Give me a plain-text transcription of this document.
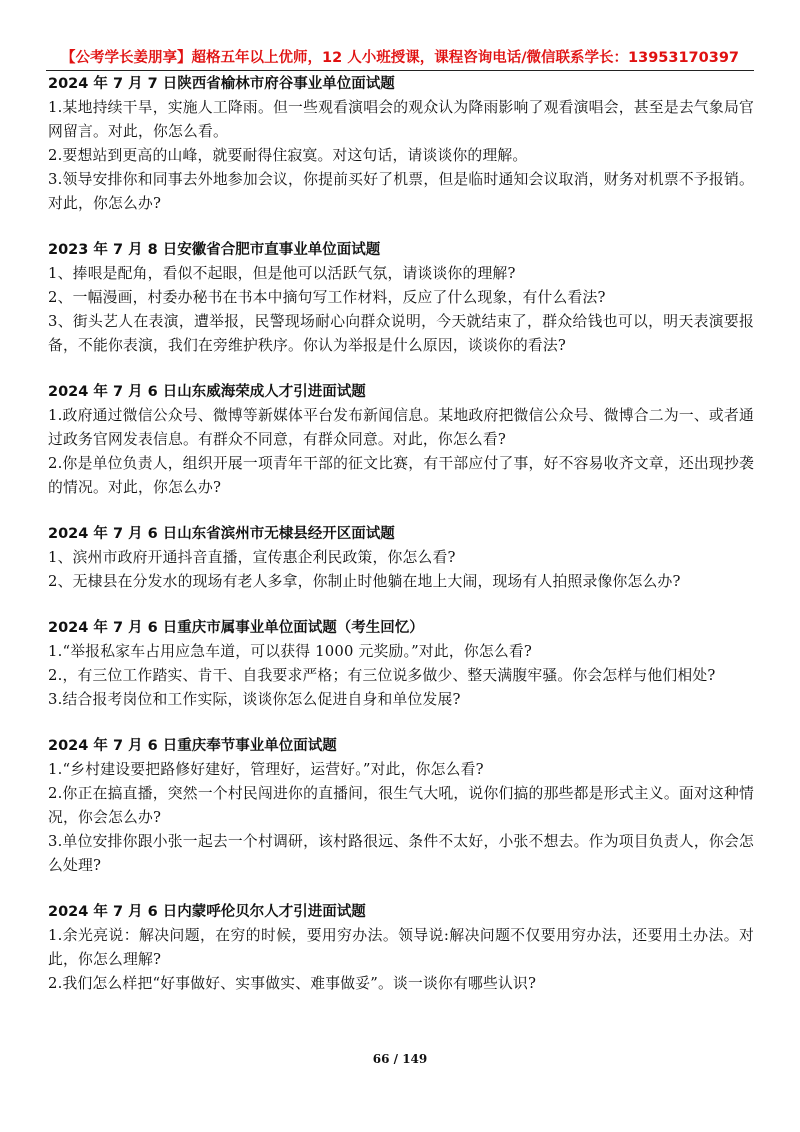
【公考学长姜朋享】超格五年以上优师，12 人小班授课，课程咨询电话/微信联系学长：13953170397
2024 年 7 月 7 日陕西省榆林市府谷事业单位面试题
1.某地持续干旱，实施人工降雨。但一些观看演唱会的观众认为降雨影响了观看演唱会，甚至是去气象局官网留言。对此，你怎么看。
2.要想站到更高的山峰，就要耐得住寂寞。对这句话，请谈谈你的理解。
3.领导安排你和同事去外地参加会议，你提前买好了机票，但是临时通知会议取消，财务对机票不予报销。对此，你怎么办?
2023 年 7 月 8 日安徽省合肥市直事业单位面试题
1、捧哏是配角，看似不起眼，但是他可以活跃气氛，请谈谈你的理解?
2、一幅漫画，村委办秘书在书本中摘句写工作材料，反应了什么现象，有什么看法?
3、街头艺人在表演，遭举报，民警现场耐心向群众说明，今天就结束了，群众给钱也可以，明天表演要报备，不能你表演，我们在旁维护秩序。你认为举报是什么原因，谈谈你的看法?
2024 年 7 月 6 日山东威海荣成人才引进面试题
1.政府通过微信公众号、微博等新媒体平台发布新闻信息。某地政府把微信公众号、微博合二为一、或者通过政务官网发表信息。有群众不同意，有群众同意。对此，你怎么看?
2.你是单位负责人，组织开展一项青年干部的征文比赛，有干部应付了事，好不容易收齐文章，还出现抄袭的情况。对此，你怎么办?
2024 年 7 月 6 日山东省滨州市无棣县经开区面试题
1、滨州市政府开通抖音直播，宣传惠企利民政策，你怎么看?
2、无棣县在分发水的现场有老人多拿，你制止时他躺在地上大闹，现场有人拍照录像你怎么办?
2024 年 7 月 6 日重庆市属事业单位面试题（考生回忆）
1.“举报私家车占用应急车道，可以获得 1000 元奖励。”对此，你怎么看?
2.，有三位工作踏实、肯干、自我要求严格；有三位说多做少、整天满腹牢骚。你会怎样与他们相处?
3.结合报考岗位和工作实际，谈谈你怎么促进自身和单位发展?
2024 年 7 月 6 日重庆奉节事业单位面试题
1.“乡村建设要把路修好建好，管理好，运营好。”对此，你怎么看?
2.你正在搞直播，突然一个村民闯进你的直播间，很生气大吼，说你们搞的那些都是形式主义。面对这种情况，你会怎么办?
3.单位安排你跟小张一起去一个村调研，该村路很远、条件不太好，小张不想去。作为项目负责人，你会怎么处理?
2024 年 7 月 6 日内蒙呼伦贝尔人才引进面试题
1.余光亮说：解决问题，在穷的时候，要用穷办法。领导说:解决问题不仅要用穷办法，还要用土办法。对此，你怎么理解?
2.我们怎么样把“好事做好、实事做实、难事做妥”。谈一谈你有哪些认识?
66 / 149
